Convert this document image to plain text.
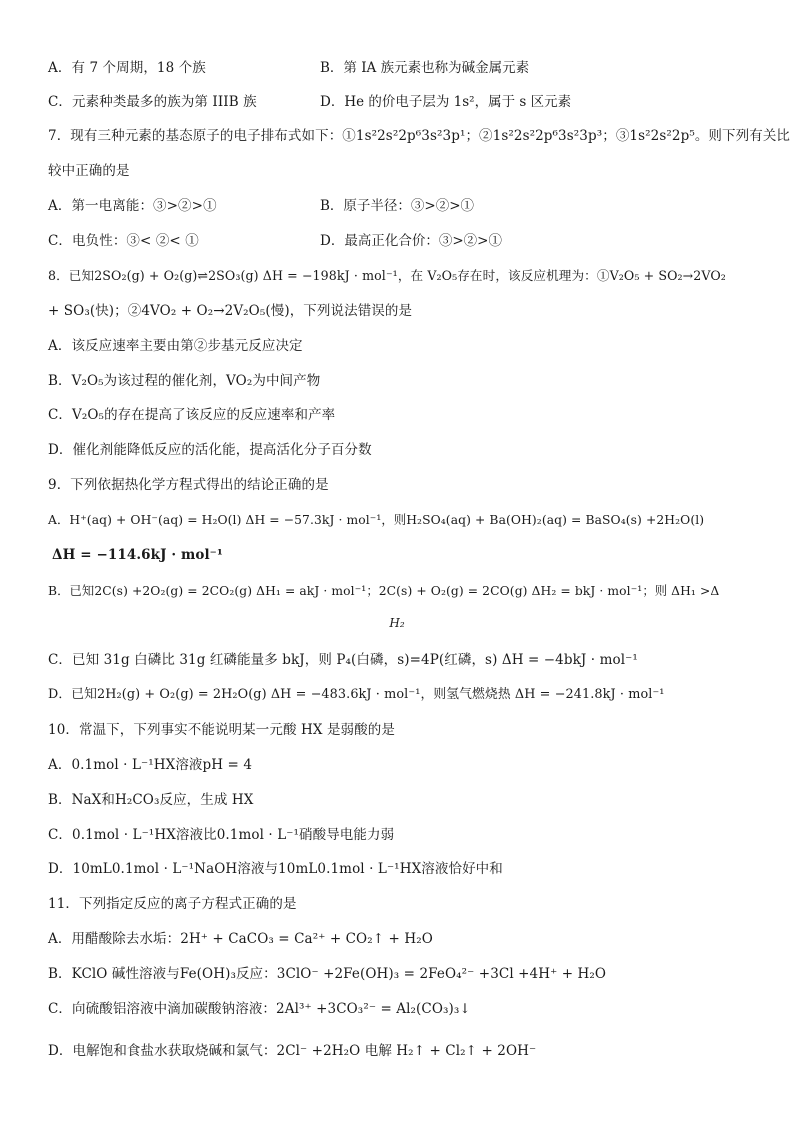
A．有 7 个周期，18 个族	B．第 IA 族元素也称为碱金属元素
C．元素种类最多的族为第 IIIB 族	D．He 的价电子层为 1s²，属于 s 区元素
7．现有三种元素的基态原子的电子排布式如下：①1s²2s²2p⁶3s²3p¹；②1s²2s²2p⁶3s²3p³；③1s²2s²2p⁵。则下列有关比
较中正确的是
A．第一电离能：③>②>①	B．原子半径：③>②>①
C．电负性：③< ②< ①	D．最高正化合价：③>②>①
8．已知2SO₂(g) + O₂(g)⇌2SO₃(g) ΔH = −198kJ · mol⁻¹，在 V₂O₅存在时，该反应机理为：①V₂O₅ + SO₂→2VO₂
+ SO₃(快)；②4VO₂ + O₂→2V₂O₅(慢)，下列说法错误的是
A．该反应速率主要由第②步基元反应决定
B．V₂O₅为该过程的催化剂，VO₂为中间产物
C．V₂O₅的存在提高了该反应的反应速率和产率
D．催化剂能降低反应的活化能，提高活化分子百分数
9．下列依据热化学方程式得出的结论正确的是
A．H⁺(aq) + OH⁻(aq) = H₂O(l) ΔH = −57.3kJ · mol⁻¹，则H₂SO₄(aq) + Ba(OH)₂(aq) = BaSO₄(s) +2H₂O(l)
ΔH = −114.6kJ · mol⁻¹
B．已知2C(s) +2O₂(g) = 2CO₂(g) ΔH₁ = akJ · mol⁻¹；2C(s) + O₂(g) = 2CO(g) ΔH₂ = bkJ · mol⁻¹；则 ΔH₁ >Δ
H₂
C．已知 31g 白磷比 31g 红磷能量多 bkJ，则 P₄(白磷，s)=4P(红磷，s) ΔH = −4bkJ · mol⁻¹
D．已知2H₂(g) + O₂(g) = 2H₂O(g) ΔH = −483.6kJ · mol⁻¹，则氢气燃烧热 ΔH = −241.8kJ · mol⁻¹
10．常温下，下列事实不能说明某一元酸 HX 是弱酸的是
A．0.1mol · L⁻¹HX溶液pH = 4
B．NaX和H₂CO₃反应，生成 HX
C．0.1mol · L⁻¹HX溶液比0.1mol · L⁻¹硝酸导电能力弱
D．10mL0.1mol · L⁻¹NaOH溶液与10mL0.1mol · L⁻¹HX溶液恰好中和
11．下列指定反应的离子方程式正确的是
A．用醋酸除去水垢：2H⁺ + CaCO₃ = Ca²⁺ + CO₂↑ + H₂O
B．KClO 碱性溶液与Fe(OH)₃反应：3ClO⁻ +2Fe(OH)₃ = 2FeO₄²⁻ +3Cl +4H⁺ + H₂O
C．向硫酸铝溶液中滴加碳酸钠溶液：2Al³⁺ +3CO₃²⁻ = Al₂(CO₃)₃↓
D．电解饱和食盐水获取烧碱和氯气：2Cl⁻ +2H₂O 电解 H₂↑ + Cl₂↑ + 2OH⁻
